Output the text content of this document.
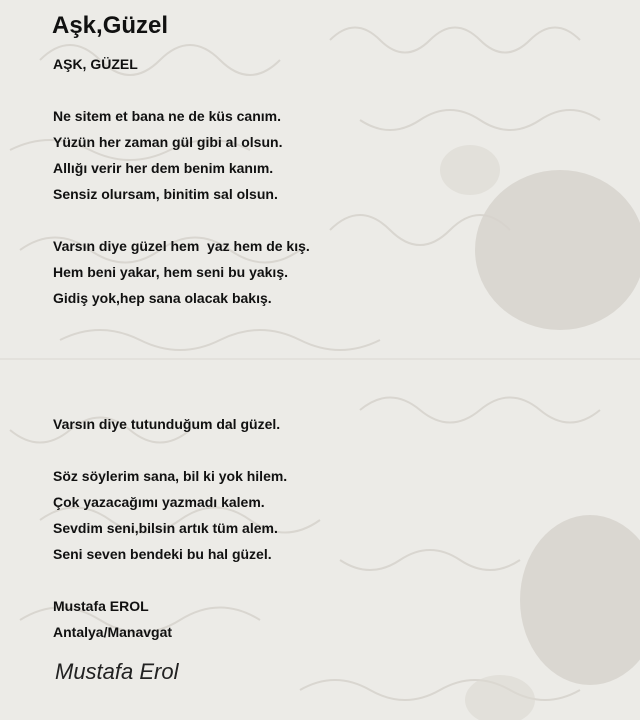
Aşk,Güzel
AŞK, GÜZEL
Ne sitem et bana ne de küs canım.
Yüzün her zaman gül gibi al olsun.
Allığı verir her dem benim kanım.
Sensiz olursam, binitim sal olsun.
Varsın diye güzel hem  yaz hem de kış.
Hem beni yakar, hem seni bu yakış.
Gidiş yok,hep sana olacak bakış.
Varsın diye tutunduğum dal güzel.
Söz söylerim sana, bil ki yok hilem.
Çok yazacağımı yazmadı kalem.
Sevdim seni,bilsin artık tüm alem.
Seni seven bendeki bu hal güzel.
Mustafa EROL
Antalya/Manavgat
Mustafa Erol
